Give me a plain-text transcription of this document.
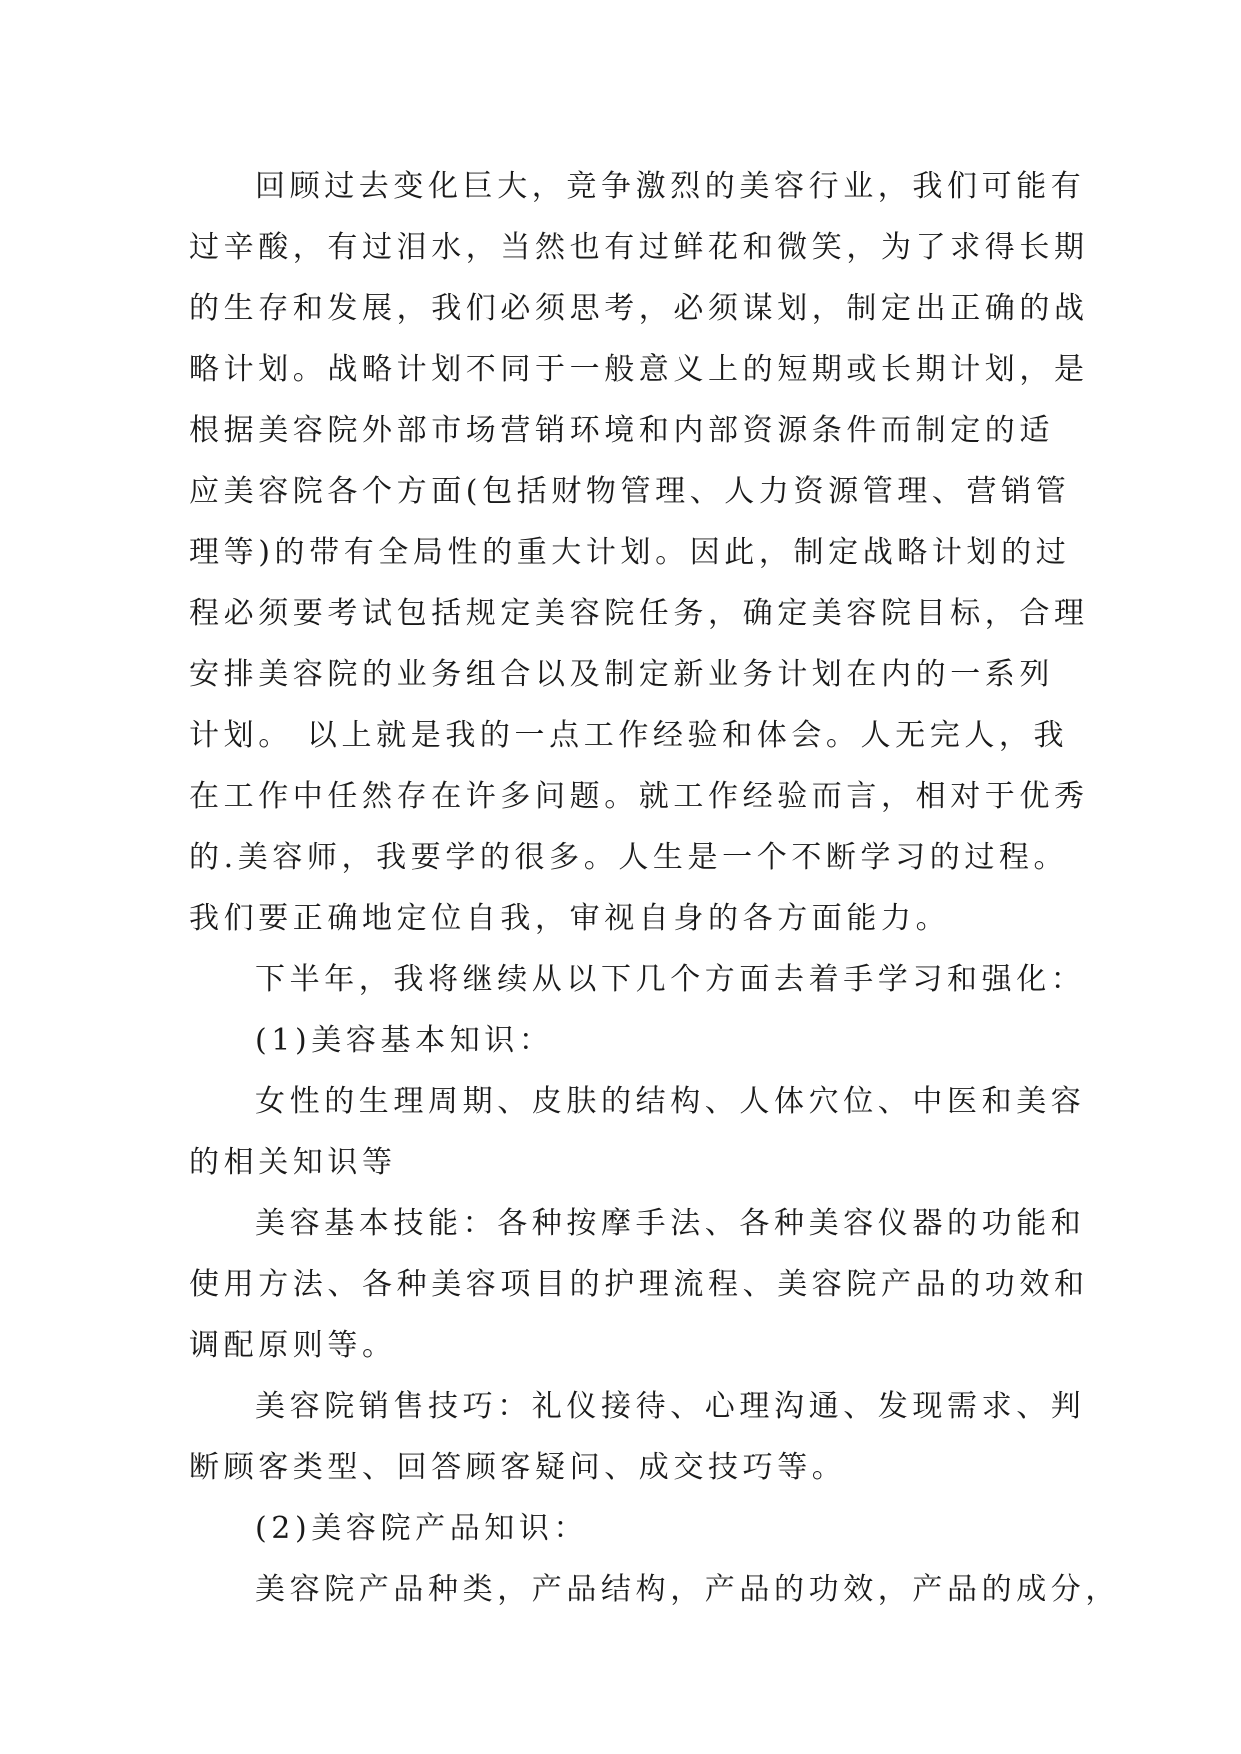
回顾过去变化巨大，竞争激烈的美容行业，我们可能有
过辛酸，有过泪水，当然也有过鲜花和微笑，为了求得长期
的生存和发展，我们必须思考，必须谋划，制定出正确的战
略计划。战略计划不同于一般意义上的短期或长期计划，是
根据美容院外部市场营销环境和内部资源条件而制定的适
应美容院各个方面(包括财物管理、人力资源管理、营销管
理等)的带有全局性的重大计划。因此，制定战略计划的过
程必须要考试包括规定美容院任务，确定美容院目标，合理
安排美容院的业务组合以及制定新业务计划在内的一系列
计划。 以上就是我的一点工作经验和体会。人无完人，我
在工作中任然存在许多问题。就工作经验而言，相对于优秀
的.美容师，我要学的很多。人生是一个不断学习的过程。
我们要正确地定位自我，审视自身的各方面能力。
下半年，我将继续从以下几个方面去着手学习和强化：
(1)美容基本知识：
女性的生理周期、皮肤的结构、人体穴位、中医和美容
的相关知识等
美容基本技能：各种按摩手法、各种美容仪器的功能和
使用方法、各种美容项目的护理流程、美容院产品的功效和
调配原则等。
美容院销售技巧：礼仪接待、心理沟通、发现需求、判
断顾客类型、回答顾客疑问、成交技巧等。
(2)美容院产品知识：
美容院产品种类，产品结构，产品的功效，产品的成分，
